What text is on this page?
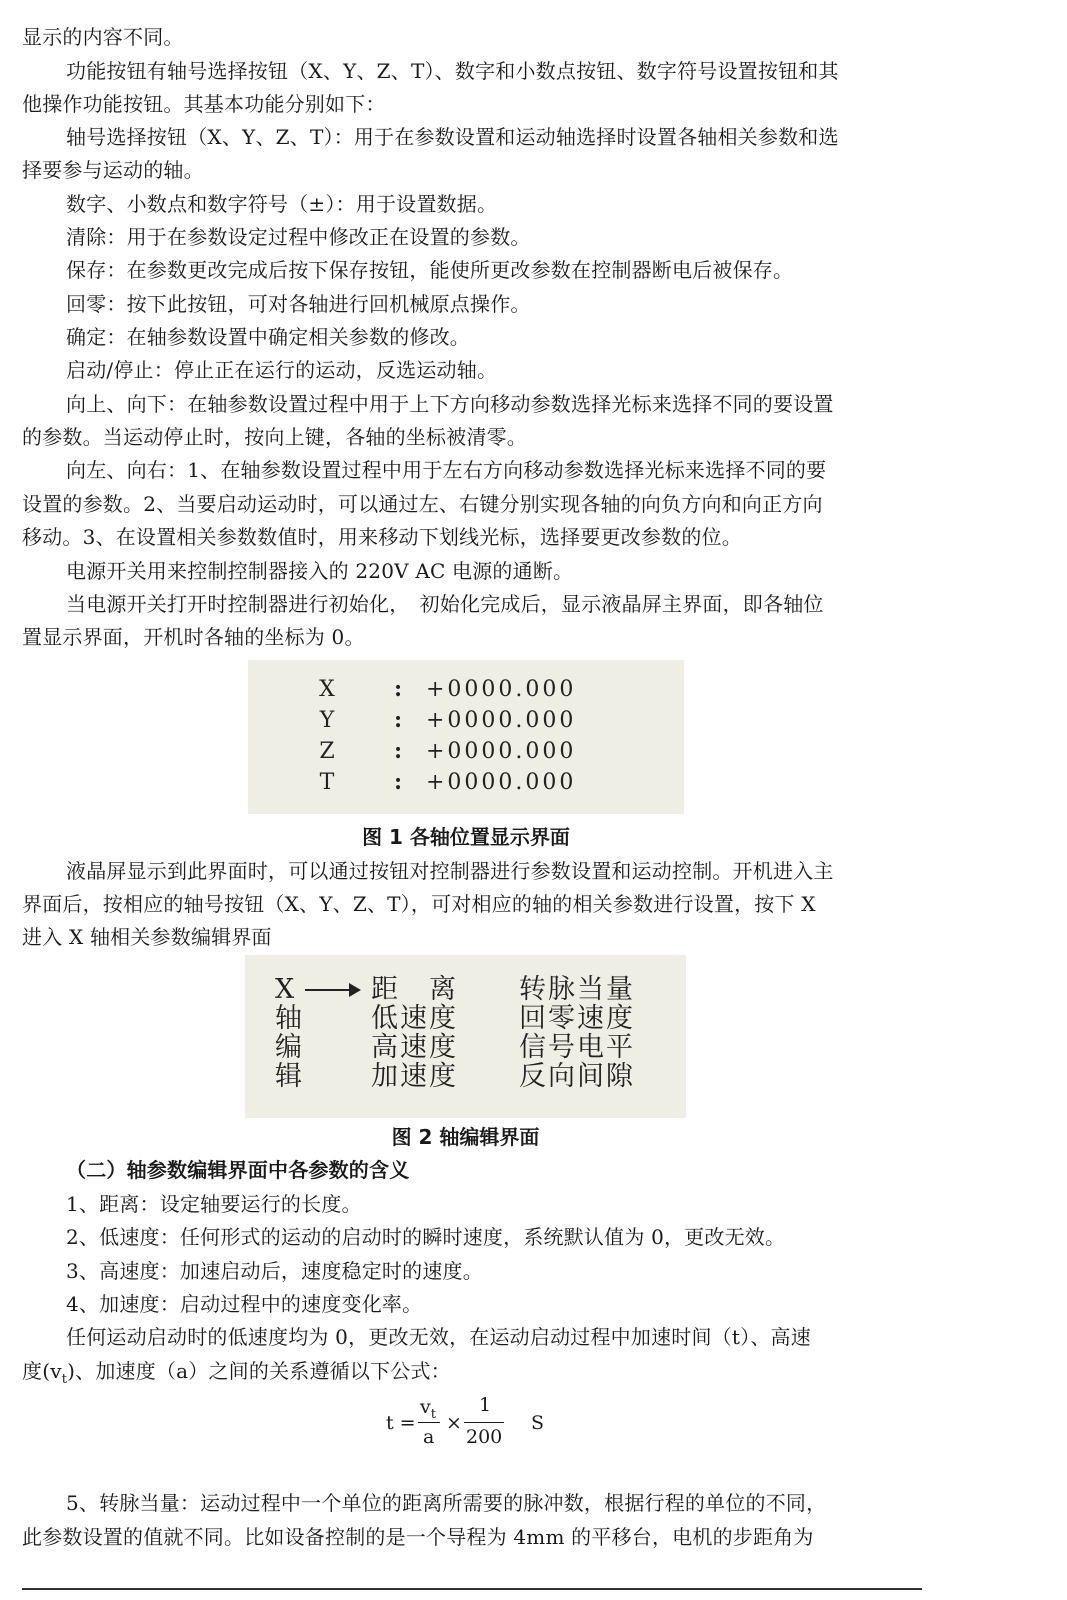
显示的内容不同。
功能按钮有轴号选择按钮（X、Y、Z、T）、数字和小数点按钮、数字符号设置按钮和其
他操作功能按钮。其基本功能分别如下：
轴号选择按钮（X、Y、Z、T）：用于在参数设置和运动轴选择时设置各轴相关参数和选
择要参与运动的轴。
数字、小数点和数字符号（±）：用于设置数据。
清除：用于在参数设定过程中修改正在设置的参数。
保存：在参数更改完成后按下保存按钮，能使所更改参数在控制器断电后被保存。
回零：按下此按钮，可对各轴进行回机械原点操作。
确定：在轴参数设置中确定相关参数的修改。
启动/停止：停止正在运行的运动，反选运动轴。
向上、向下：在轴参数设置过程中用于上下方向移动参数选择光标来选择不同的要设置
的参数。当运动停止时，按向上键，各轴的坐标被清零。
向左、向右：1、在轴参数设置过程中用于左右方向移动参数选择光标来选择不同的要
设置的参数。2、当要启动运动时，可以通过左、右键分别实现各轴的向负方向和向正方向
移动。3、在设置相关参数数值时，用来移动下划线光标，选择要更改参数的位。
电源开关用来控制控制器接入的 220V AC 电源的通断。
当电源开关打开时控制器进行初始化，　初始化完成后，显示液晶屏主界面，即各轴位
置显示界面，开机时各轴的坐标为 0。
X	: +0000.000
Y	: +0000.000
Z	: +0000.000
T	: +0000.000
图 1 各轴位置显示界面
液晶屏显示到此界面时，可以通过按钮对控制器进行参数设置和运动控制。开机进入主
界面后，按相应的轴号按钮（X、Y、Z、T），可对相应的轴的相关参数进行设置，按下 X
进入 X 轴相关参数编辑界面
X	距　离 转脉当量
轴	低速度 回零速度
编	高速度 信号电平
辑	加速度 反向间隙
图 2 轴编辑界面
（二）轴参数编辑界面中各参数的含义
1、距离：设定轴要运行的长度。
2、低速度：任何形式的运动的启动时的瞬时速度，系统默认值为 0，更改无效。
3、高速度：加速启动后，速度稳定时的速度。
4、加速度：启动过程中的速度变化率。
任何运动启动时的低速度均为 0，更改无效，在运动启动过程中加速时间（t）、高速
度$(v_t)$、加速度（a）之间的关系遵循以下公式：
t =
$v_t$
a
×
1
200
S
5、转脉当量：运动过程中一个单位的距离所需要的脉冲数，根据行程的单位的不同，
此参数设置的值就不同。比如设备控制的是一个导程为 4mm 的平移台，电机的步距角为
